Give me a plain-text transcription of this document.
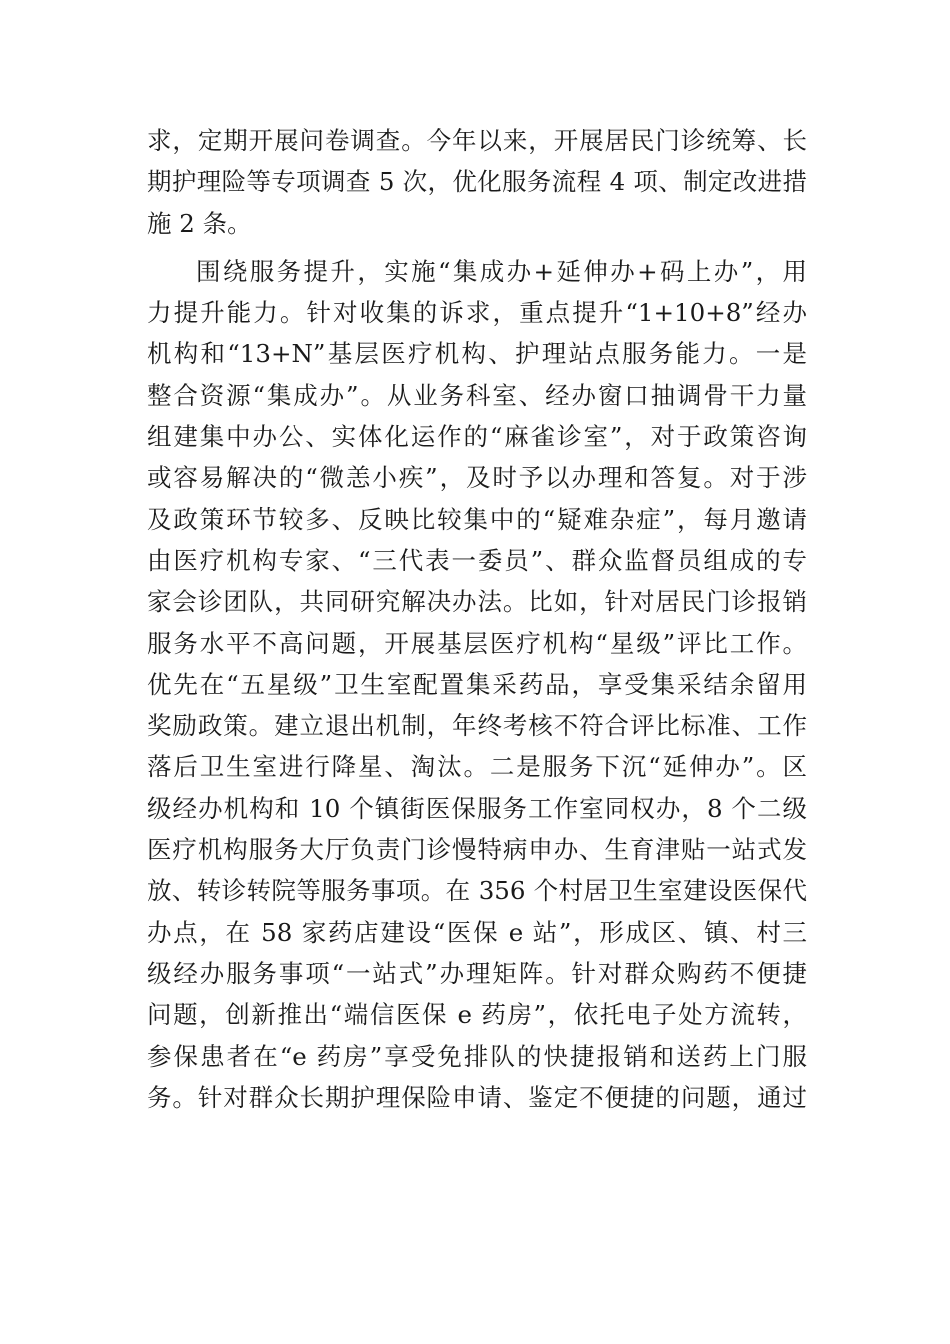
求，定期开展问卷调查。今年以来，开展居民门诊统筹、长
期护理险等专项调查 5 次，优化服务流程 4 项、制定改进措
施 2 条。
围绕服务提升，实施“集成办+延伸办+码上办”，用
力提升能力。针对收集的诉求，重点提升“1+10+8”经办
机构和“13+N”基层医疗机构、护理站点服务能力。一是
整合资源“集成办”。从业务科室、经办窗口抽调骨干力量
组建集中办公、实体化运作的“麻雀诊室”，对于政策咨询
或容易解决的“微恙小疾”，及时予以办理和答复。对于涉
及政策环节较多、反映比较集中的“疑难杂症”，每月邀请
由医疗机构专家、“三代表一委员”、群众监督员组成的专
家会诊团队，共同研究解决办法。比如，针对居民门诊报销
服务水平不高问题，开展基层医疗机构“星级”评比工作。
优先在“五星级”卫生室配置集采药品，享受集采结余留用
奖励政策。建立退出机制，年终考核不符合评比标准、工作
落后卫生室进行降星、淘汰。二是服务下沉“延伸办”。区
级经办机构和 10 个镇街医保服务工作室同权办，8 个二级
医疗机构服务大厅负责门诊慢特病申办、生育津贴一站式发
放、转诊转院等服务事项。在 356 个村居卫生室建设医保代
办点，在 58 家药店建设“医保 e 站”，形成区、镇、村三
级经办服务事项“一站式”办理矩阵。针对群众购药不便捷
问题，创新推出“端信医保 e 药房”，依托电子处方流转，
参保患者在“e 药房”享受免排队的快捷报销和送药上门服
务。针对群众长期护理保险申请、鉴定不便捷的问题，通过
